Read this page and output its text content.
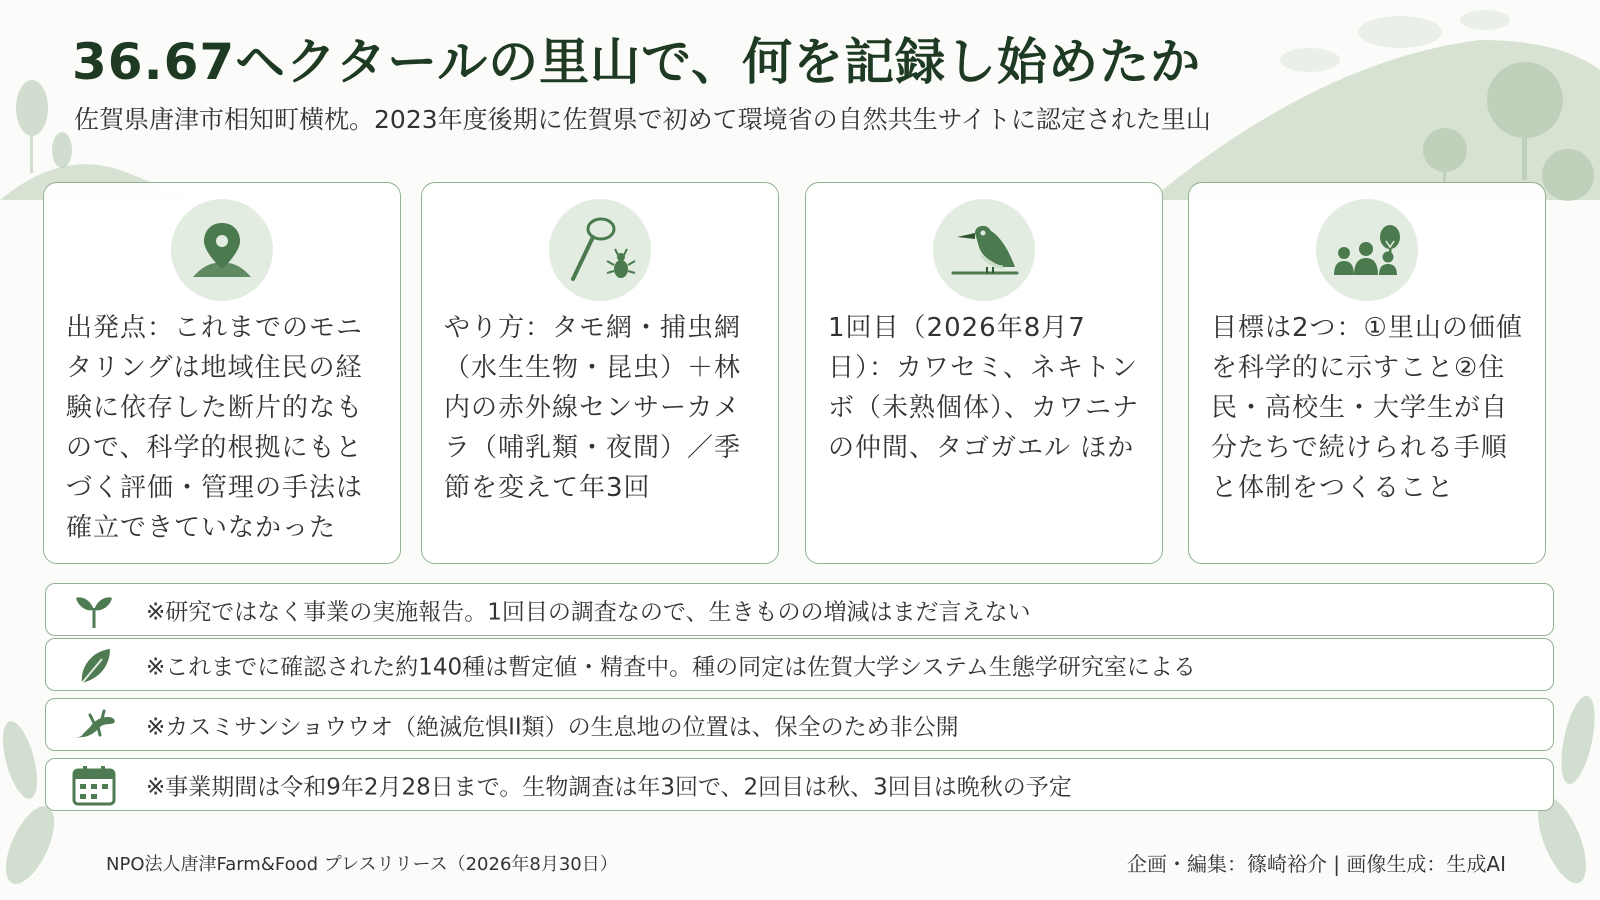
36.67ヘクタールの里山で、何を記録し始めたか
佐賀県唐津市相知町横枕。2023年度後期に佐賀県で初めて環境省の自然共生サイトに認定された里山
出発点：これまでのモニタリングは地域住民の経験に依存した断片的なもので、科学的根拠にもとづく評価・管理の手法は確立できていなかった
やり方：タモ網・捕虫網（水生生物・昆虫）＋林内の赤外線センサーカメラ（哺乳類・夜間）／季節を変えて年3回
1回目（2026年8月7日）：カワセミ、ネキトンボ（未熟個体）、カワニナの仲間、タゴガエル ほか
目標は2つ：①里山の価値を科学的に示すこと②住民・高校生・大学生が自分たちで続けられる手順と体制をつくること
※研究ではなく事業の実施報告。1回目の調査なので、生きものの増減はまだ言えない
※これまでに確認された約140種は暫定値・精査中。種の同定は佐賀大学システム生態学研究室による
※カスミサンショウウオ（絶滅危惧II類）の生息地の位置は、保全のため非公開
※事業期間は令和9年2月28日まで。生物調査は年3回で、2回目は秋、3回目は晩秋の予定
NPO法人唐津Farm&Food プレスリリース（2026年8月30日）	企画・編集：篠崎裕介 | 画像生成：生成AI
